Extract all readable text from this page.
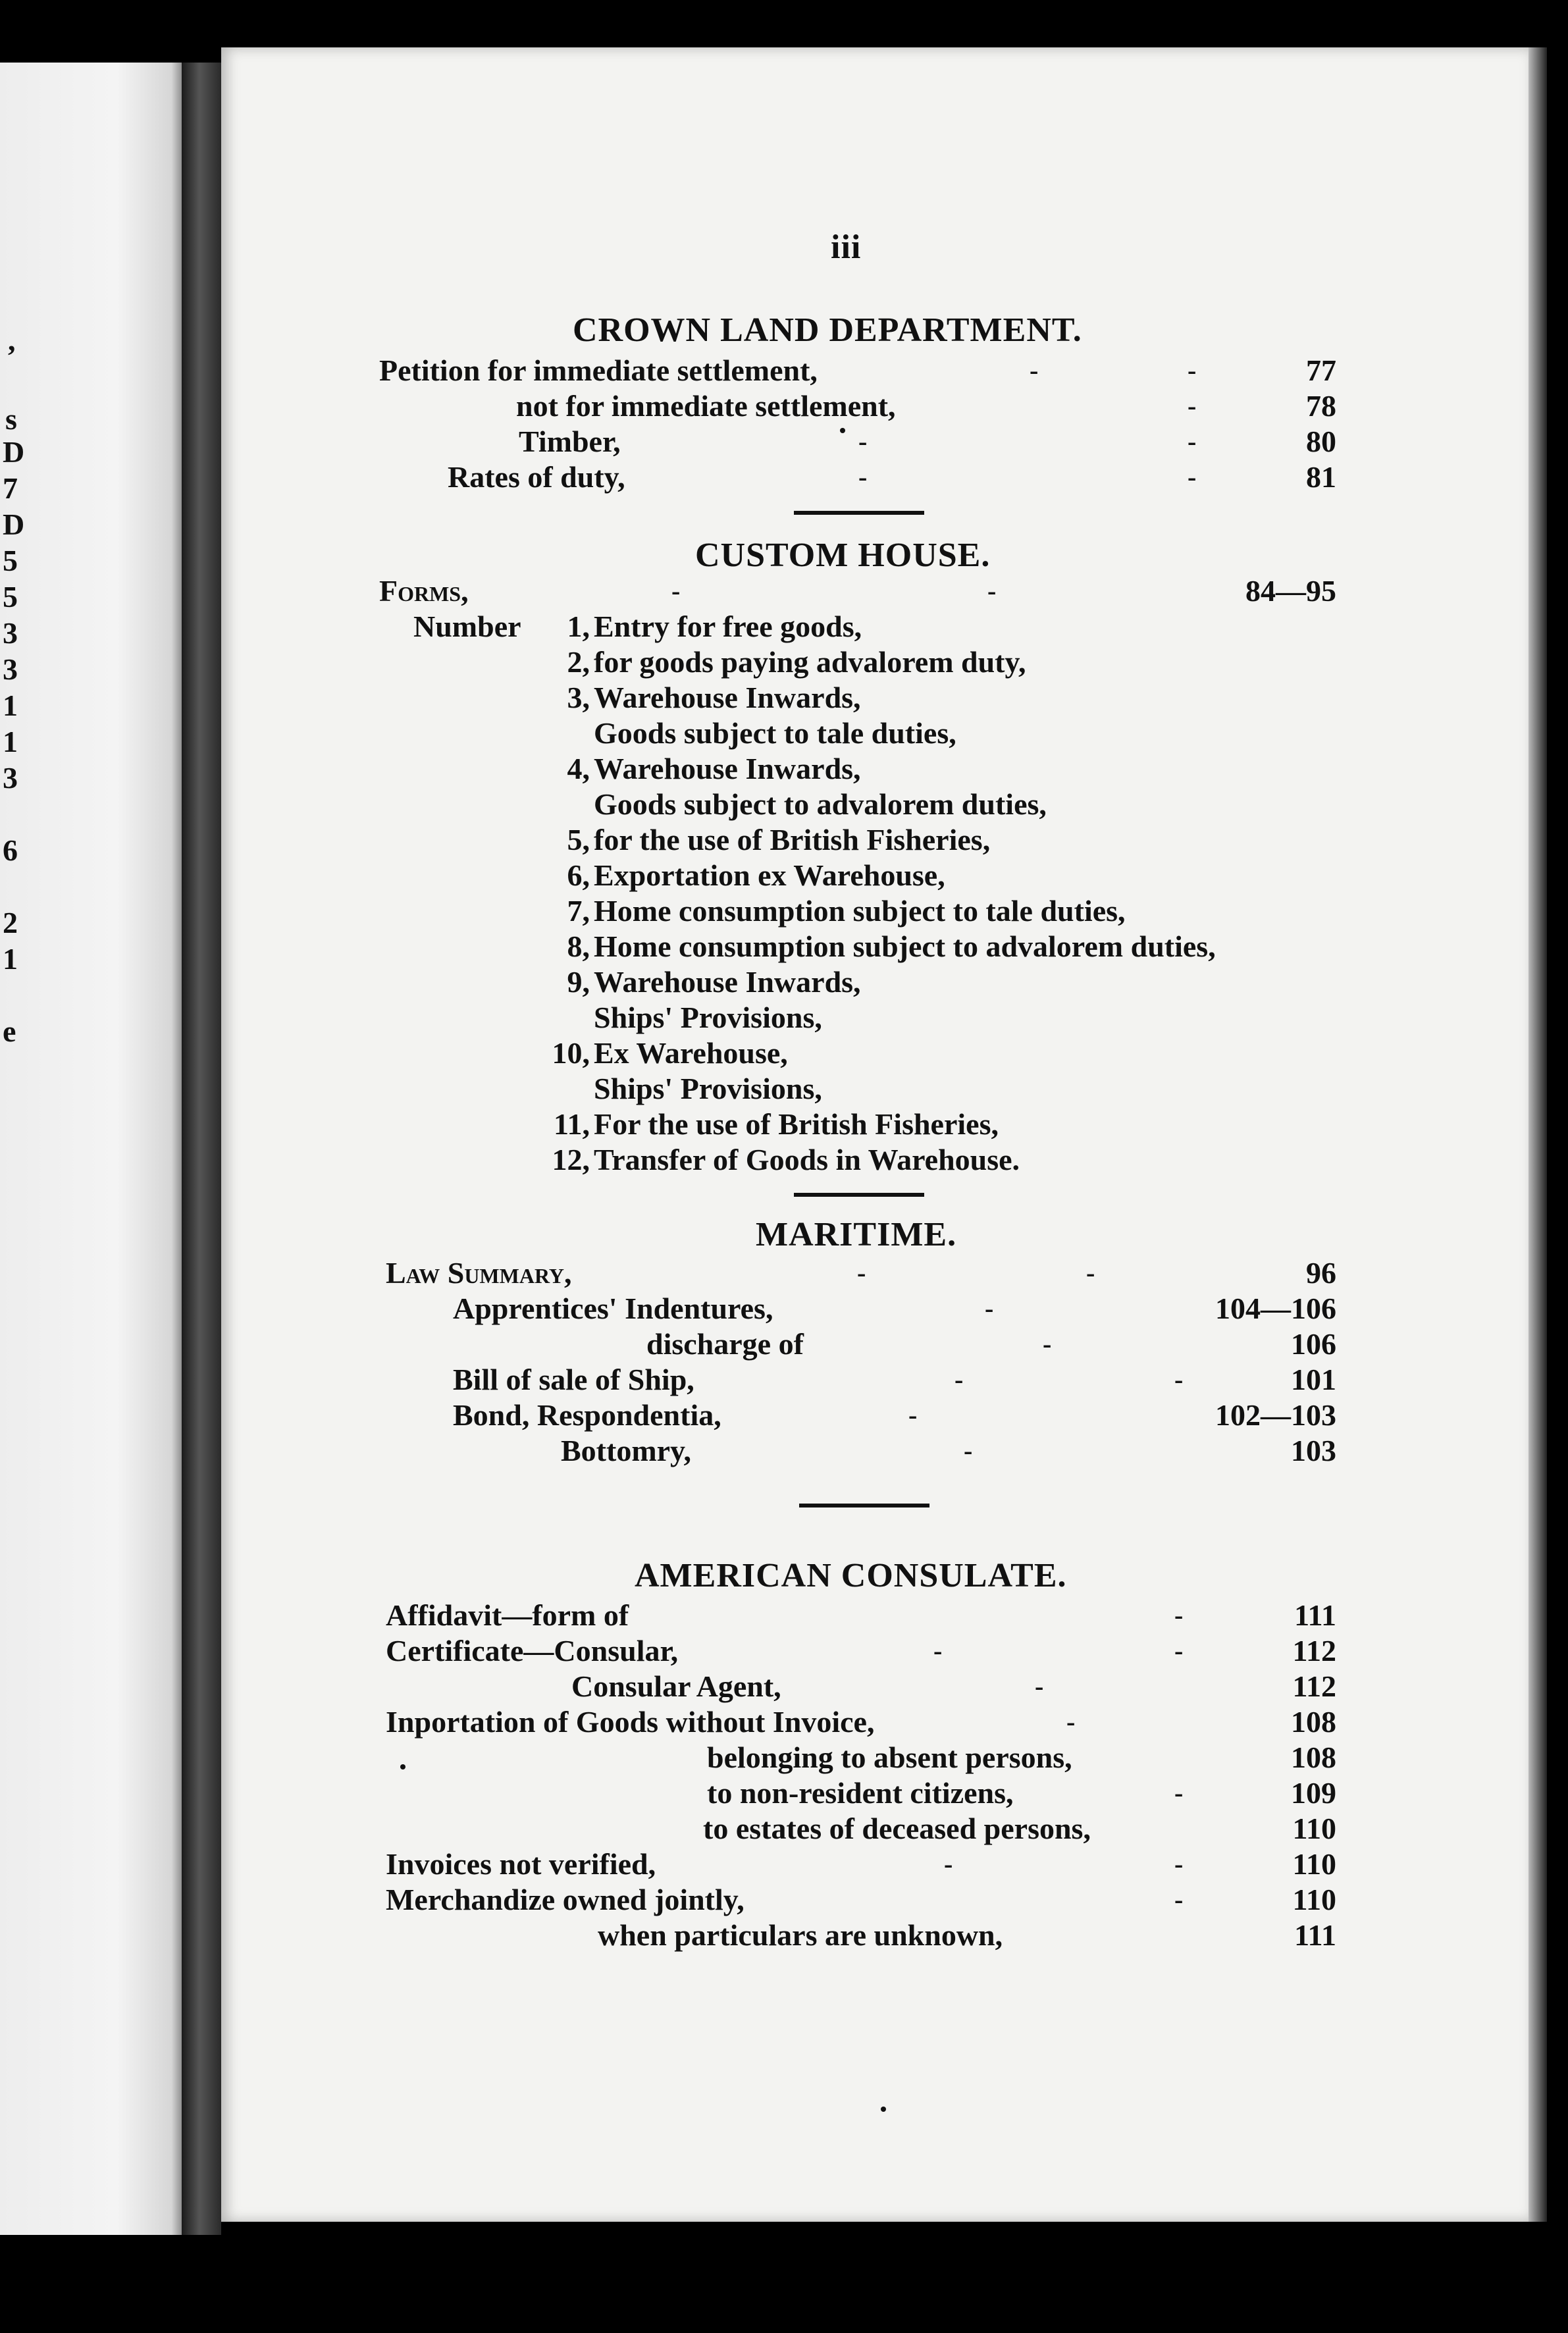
,
s
D
7
D
5
5
3
3
1
1
3
6
2
1
e
iii
CROWN LAND DEPARTMENT.
Petition for immediate settlement,	-	-	77
not for immediate settlement,	-	78
Timber,	-	-	80
Rates of duty,	-	-	81
CUSTOM HOUSE.
Forms,	-	-	84—95
Number	1, Entry for free goods,
2, for goods paying advalorem duty,
3, Warehouse Inwards,
Goods subject to tale duties,
4, Warehouse Inwards,
Goods subject to advalorem duties,
5, for the use of British Fisheries,
6, Exportation ex Warehouse,
7, Home consumption subject to tale duties,
8, Home consumption subject to advalorem duties,
9, Warehouse Inwards,
Ships' Provisions,
10, Ex Warehouse,
Ships' Provisions,
11, For the use of British Fisheries,
12, Transfer of Goods in Warehouse.
MARITIME.
Law Summary,	-	-	96
Apprentices' Indentures,	-	104—106
discharge of	-	106
Bill of sale of Ship,	-	-	101
Bond, Respondentia,	-	102—103
Bottomry,	-	103
AMERICAN CONSULATE.
Affidavit—form of	-	111
Certificate—Consular,	-	-	112
Consular Agent,	-	112
Inportation of Goods without Invoice,	-	108
belonging to absent persons,	108
to non-resident citizens,	-	109
to estates of deceased persons,	110
Invoices not verified,	-	-	110
Merchandize owned jointly,	-	110
when particulars are unknown,	111
